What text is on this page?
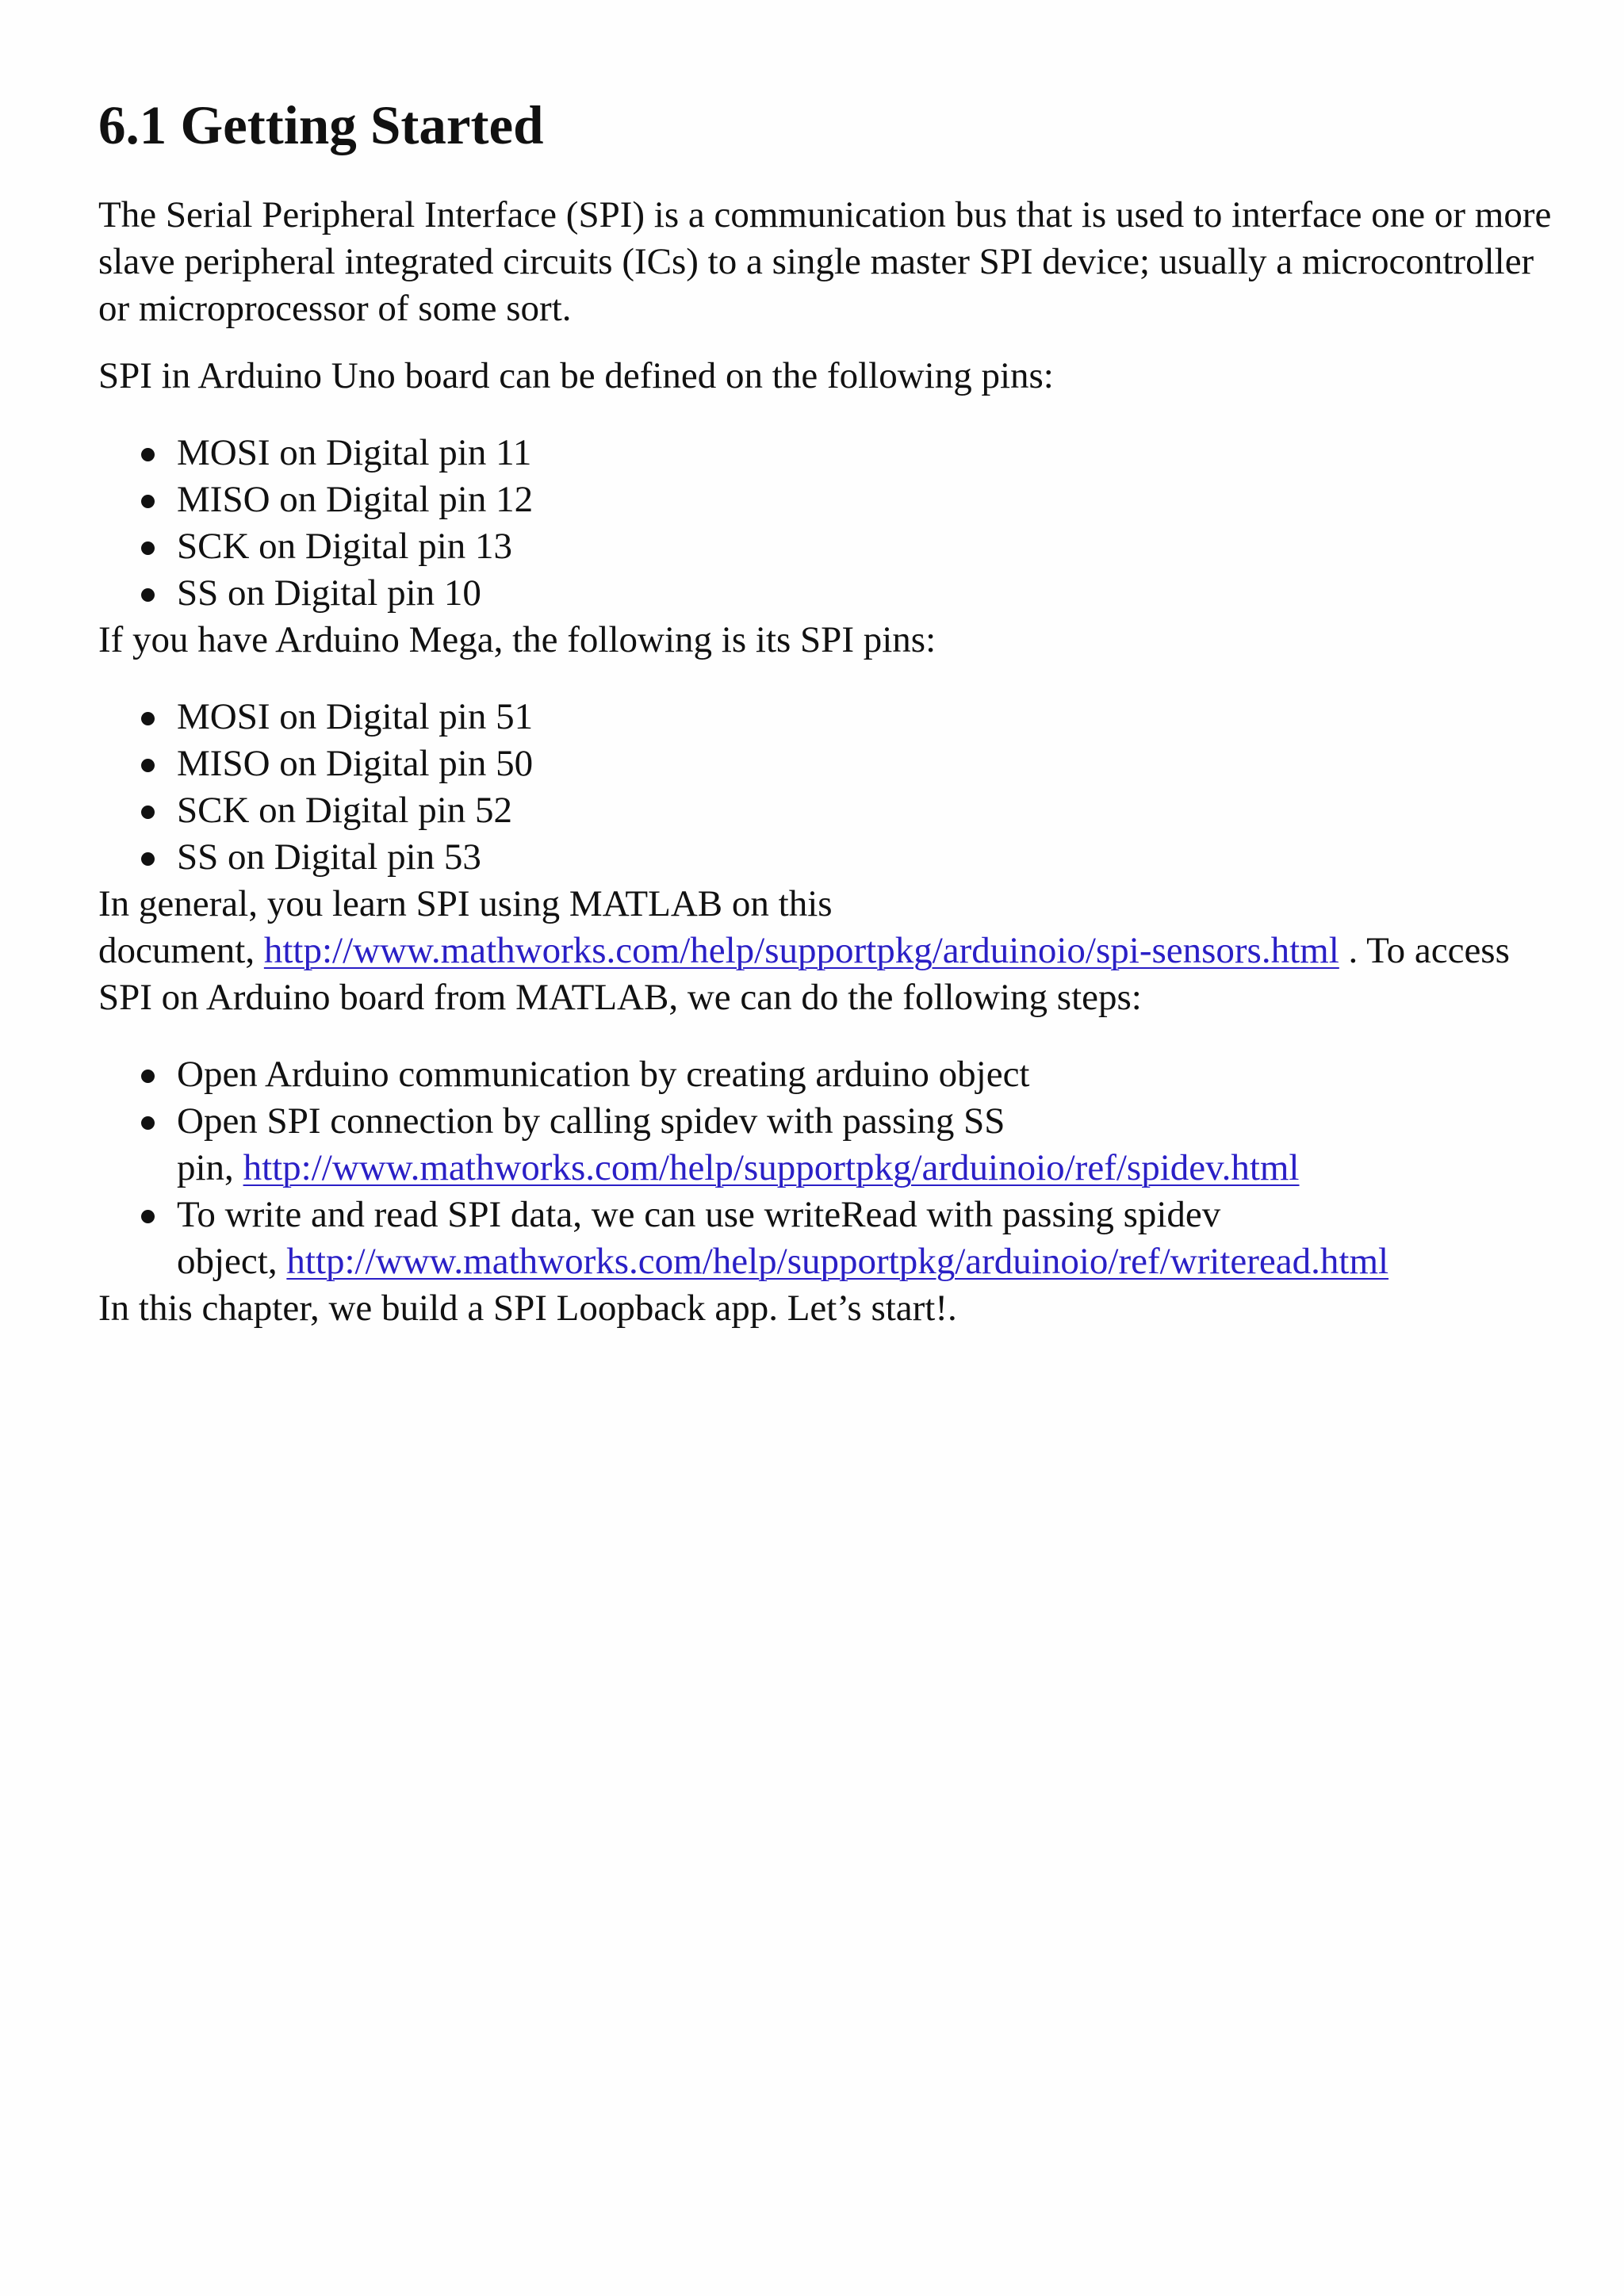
6.1 Getting Started

The Serial Peripheral Interface (SPI) is a communication bus that is used to interface one or more slave peripheral integrated circuits (ICs) to a single master SPI device; usually a microcontroller or microprocessor of some sort.

SPI in Arduino Uno board can be defined on the following pins:

MOSI on Digital pin 11
MISO on Digital pin 12
SCK on Digital pin 13
SS on Digital pin 10

If you have Arduino Mega, the following is its SPI pins:

MOSI on Digital pin 51
MISO on Digital pin 50
SCK on Digital pin 52
SS on Digital pin 53

In general, you learn SPI using MATLAB on this
document, http://www.mathworks.com/help/supportpkg/arduinoio/spi-sensors.html . To access SPI on Arduino board from MATLAB, we can do the following steps:

Open Arduino communication by creating arduino object
Open SPI connection by calling spidev with passing SS
pin, http://www.mathworks.com/help/supportpkg/arduinoio/ref/spidev.html
To write and read SPI data, we can use writeRead with passing spidev
object, http://www.mathworks.com/help/supportpkg/arduinoio/ref/writeread.html

In this chapter, we build a SPI Loopback app. Let’s start!.
